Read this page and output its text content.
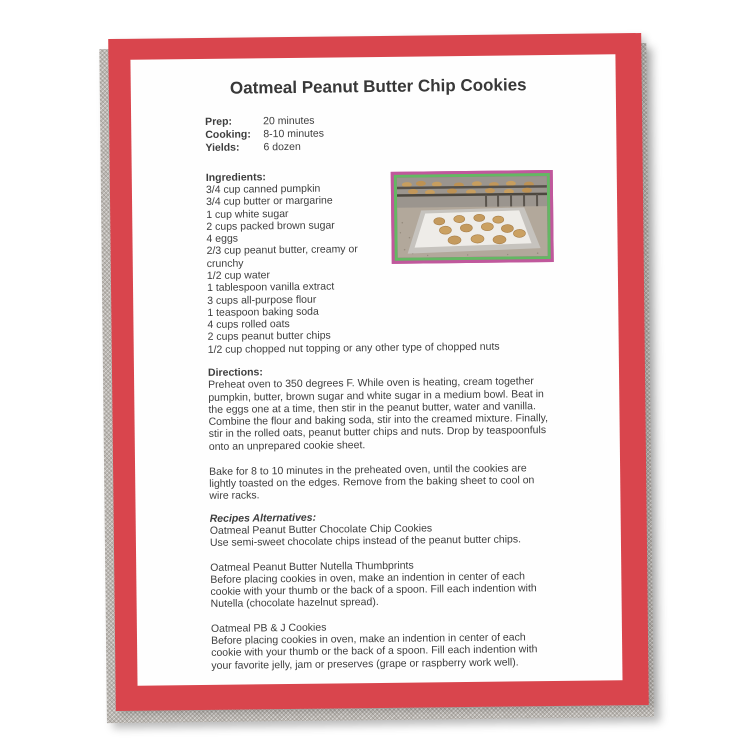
Oatmeal Peanut Butter Chip Cookies
Prep:	20 minutes
Cooking:	8-10 minutes
Yields:	6 dozen
Ingredients:
3/4 cup canned pumpkin
3/4 cup butter or margarine
1 cup white sugar
2 cups packed brown sugar
4 eggs
2/3 cup peanut butter, creamy or crunchy
1/2 cup water
1 tablespoon vanilla extract
3 cups all-purpose flour
1 teaspoon baking soda
4 cups rolled oats
2 cups peanut butter chips
1/2 cup chopped nut topping or any other type of chopped nuts
Directions:

Preheat oven to 350 degrees F. While oven is heating, cream together pumpkin, butter, brown sugar and white sugar in a medium bowl. Beat in the eggs one at a time, then stir in the peanut butter, water and vanilla. Combine the flour and baking soda, stir into the creamed mixture. Finally, stir in the rolled oats, peanut butter chips and nuts. Drop by teaspoonfuls onto an unprepared cookie sheet.

Bake for 8 to 10 minutes in the preheated oven, until the cookies are lightly toasted on the edges. Remove from the baking sheet to cool on wire racks.

Recipes Alternatives:
Oatmeal Peanut Butter Chocolate Chip Cookies
Use semi-sweet chocolate chips instead of the peanut butter chips.
Oatmeal Peanut Butter Nutella Thumbprints
Before placing cookies in oven, make an indention in center of each cookie with your thumb or the back of a spoon. Fill each indention with Nutella (chocolate hazelnut spread).
Oatmeal PB & J Cookies
Before placing cookies in oven, make an indention in center of each cookie with your thumb or the back of a spoon. Fill each indention with your favorite jelly, jam or preserves (grape or raspberry work well).
